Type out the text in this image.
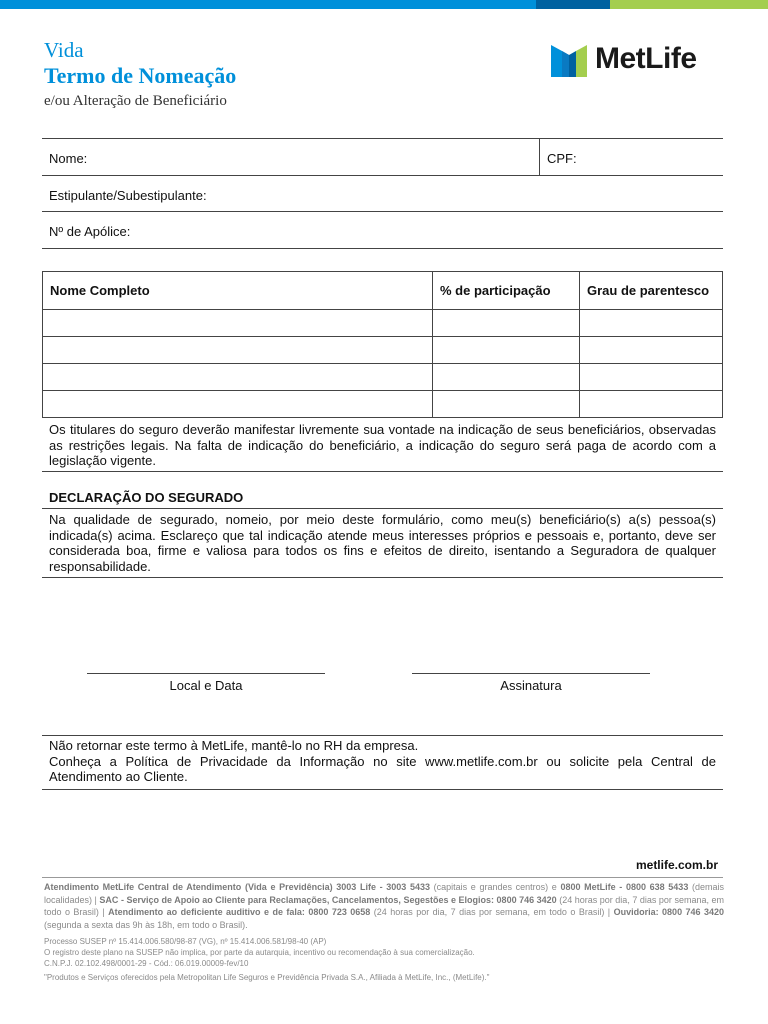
Vida
Termo de Nomeação
e/ou Alteração de Beneficiário
MetLife
Nome:	CPF:
Estipulante/Subestipulante:
Nº de Apólice:
Nome Completo	% de participação	Grau de parentesco

Os titulares do seguro deverão manifestar livremente sua vontade na indicação de seus beneficiários, observadas as restrições legais. Na falta de indicação do beneficiário, a indicação do seguro será paga de acordo com a legislação vigente.
DECLARAÇÃO DO SEGURADO
Na qualidade de segurado, nomeio, por meio deste formulário, como meu(s) beneficiário(s) a(s) pessoa(s) indicada(s) acima. Esclareço que tal indicação atende meus interesses próprios e pessoais e, portanto, deve ser considerada boa, firme e valiosa para todos os fins e efeitos de direito, isentando a Seguradora de qualquer responsabilidade.
Local e Data	Assinatura
Não retornar este termo à MetLife, mantê-lo no RH da empresa.
Conheça a Política de Privacidade da Informação no site www.metlife.com.br ou solicite pela Central de Atendimento ao Cliente.
metlife.com.br
Atendimento MetLife Central de Atendimento (Vida e Previdência) 3003 Life - 3003 5433 (capitais e grandes centros) e 0800 MetLife - 0800 638 5433 (demais localidades) | SAC - Serviço de Apoio ao Cliente para Reclamações, Cancelamentos, Segestões e Elogios: 0800 746 3420 (24 horas por dia, 7 dias por semana, em todo o Brasil) | Atendimento ao deficiente auditivo e de fala: 0800 723 0658 (24 horas por dia, 7 dias por semana, em todo o Brasil) | Ouvidoria: 0800 746 3420 (segunda a sexta das 9h às 18h, em todo o Brasil).
Processo SUSEP nº 15.414.006.580/98-87 (VG), nº 15.414.006.581/98-40 (AP)
O registro deste plano na SUSEP não implica, por parte da autarquia, incentivo ou recomendação à sua comercialização.
C.N.P.J. 02.102.498/0001-29 - Cód.: 06.019.00009-fev/10
"Produtos e Serviços oferecidos pela Metropolitan Life Seguros e Previdência Privada S.A., Afiliada à MetLife, Inc., (MetLife)."
